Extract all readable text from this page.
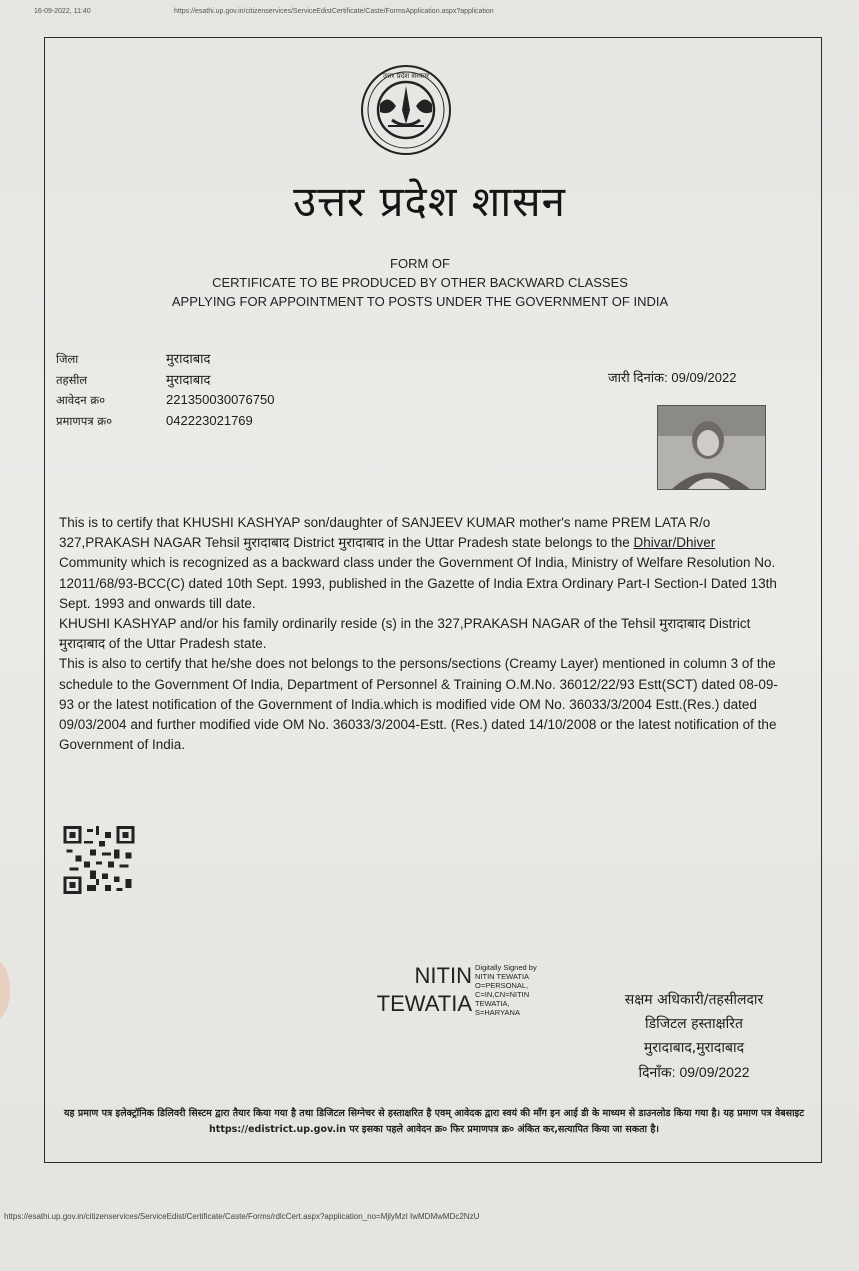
16-09-2022, 11:40	https://esathi.up.gov.in/citizenservices/ServiceEdistCertificate/Caste/FormsApplication.aspx?application
उत्तर प्रदेश सरकार
उत्तर प्रदेश शासन
FORM OF
CERTIFICATE TO BE PRODUCED BY OTHER BACKWARD CLASSES
APPLYING FOR APPOINTMENT TO POSTS UNDER THE GOVERNMENT OF INDIA
जिला	मुरादाबाद
तहसील	मुरादाबाद
आवेदन क्र०	221350030076750
प्रमाणपत्र क्र०	042223021769
जारी दिनांक: 09/09/2022

This is to certify that KHUSHI KASHYAP son/daughter of SANJEEV KUMAR mother's name PREM LATA R/o 327,PRAKASH NAGAR Tehsil मुरादाबाद District मुरादाबाद in the Uttar Pradesh state belongs to the Dhivar/Dhiver Community which is recognized as a backward class under the Government Of India, Ministry of Welfare Resolution No. 12011/68/93-BCC(C) dated 10th Sept. 1993, published in the Gazette of India Extra Ordinary Part-I Section-I Dated 13th Sept. 1993 and onwards till date.

KHUSHI KASHYAP and/or his family ordinarily reside (s) in the 327,PRAKASH NAGAR of the Tehsil मुरादाबाद District मुरादाबाद of the Uttar Pradesh state.

This is also to certify that he/she does not belongs to the persons/sections (Creamy Layer) mentioned in column 3 of the schedule to the Government Of India, Department of Personnel & Training O.M.No. 36012/22/93 Estt(SCT) dated 08-09-93 or the latest notification of the Government of India.which is modified vide OM No. 36033/3/2004 Estt.(Res.) dated 09/03/2004 and further modified vide OM No. 36033/3/2004-Estt. (Res.) dated 14/10/2008 or the latest notification of the Government of India.

NITIN
TEWATIA
Digitally Signed by
NITIN TEWATIA
O=PERSONAL,
C=IN,CN=NITIN
TEWATIA,
S=HARYANA
सक्षम अधिकारी/तहसीलदार
डिजिटल हस्ताक्षरित
मुरादाबाद,मुरादाबाद
दिनाँक: 09/09/2022
यह प्रमाण पत्र इलेक्ट्रॉनिक डिलिवरी सिस्टम द्वारा तैयार किया गया है तथा डिजिटल सिग्नेचर से हस्ताक्षरित है एवम् आवेदक द्वारा स्वयं की माँग इन आई डी के माध्यम से डाउनलोड किया गया है। यह प्रमाण पत्र वेबसाइट https://edistrict.up.gov.in पर इसका पहले आवेदन क्र० फिर प्रमाणपत्र क्र० अंकित कर,सत्यापित किया जा सकता है।
https://esathi.up.gov.in/citizenservices/ServiceEdist/Certificate/Caste/Forms/rdlcCert.aspx?application_no=MjlyMzI IwMDMwMDc2NzU
